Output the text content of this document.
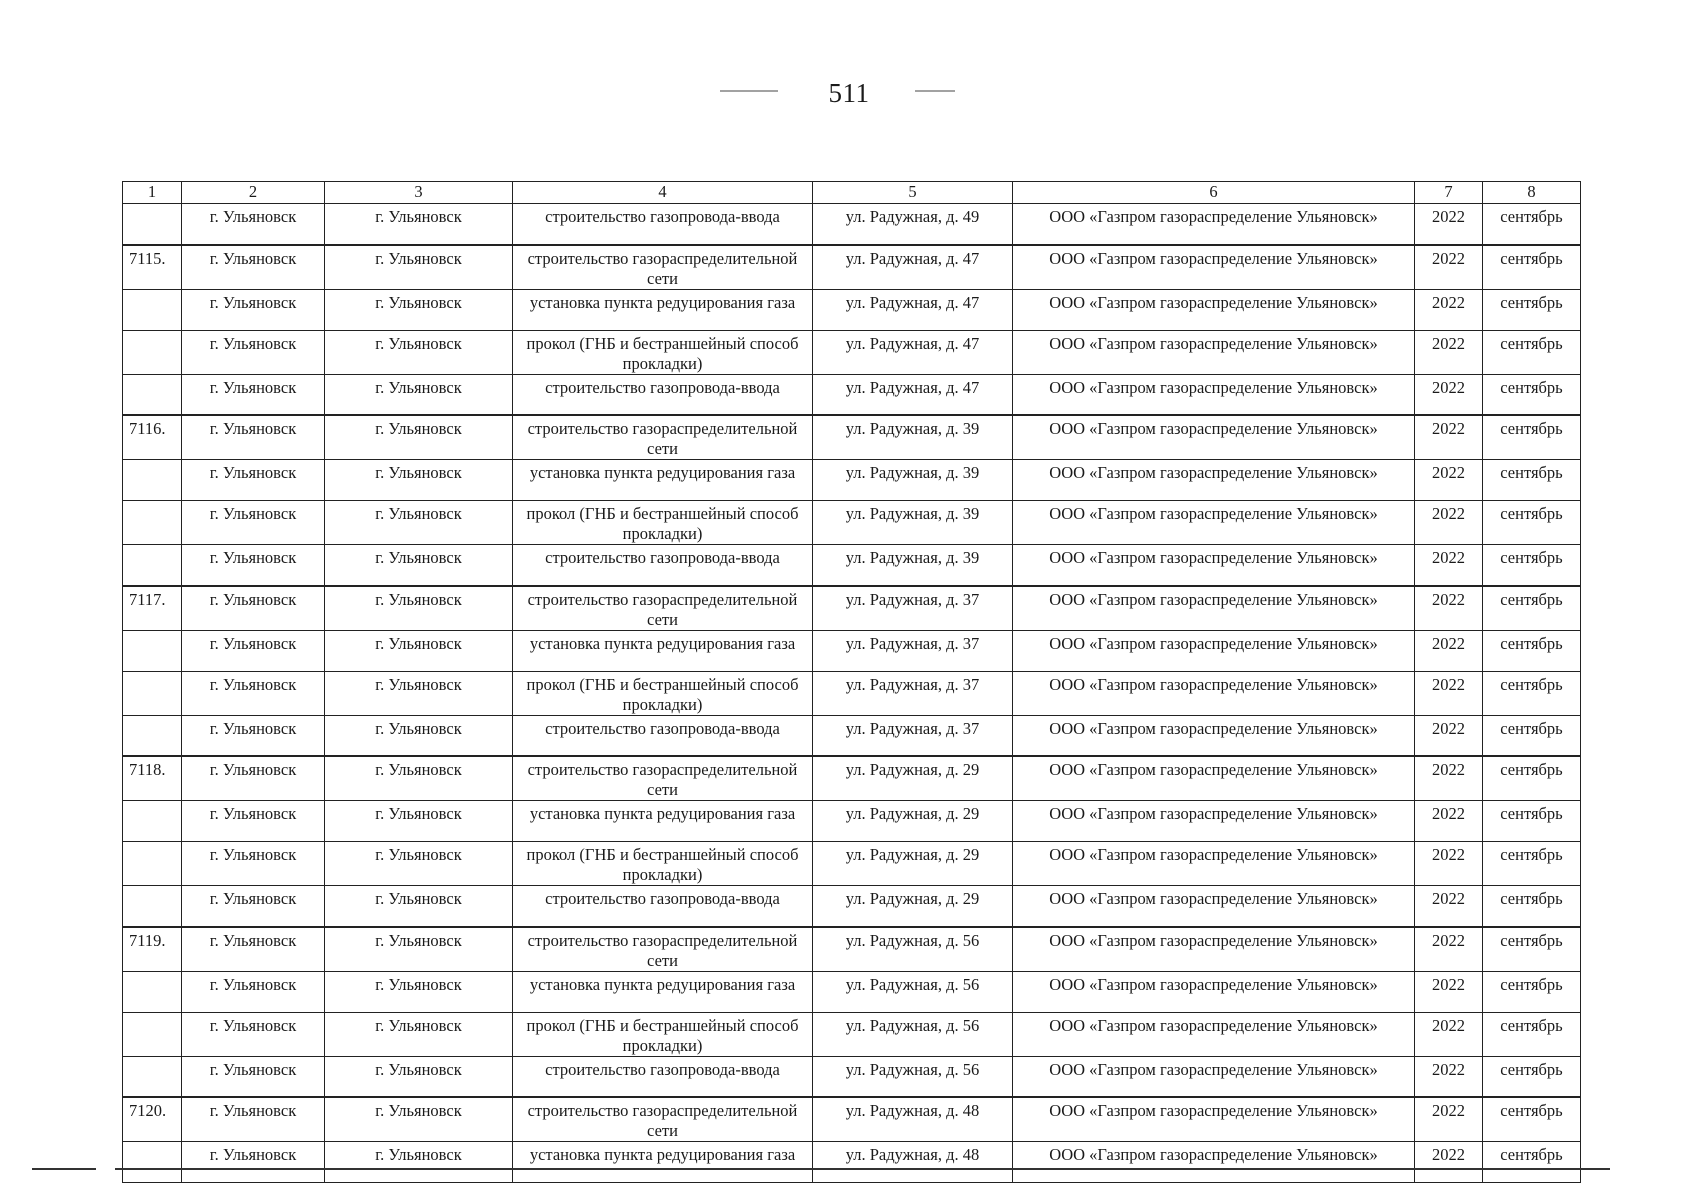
511
1	2	3	4	5	6	7	8
	г. Ульяновск	г. Ульяновск	строительство газопровода-ввода	ул. Радужная, д. 49	ООО «Газпром газораспределение Ульяновск»	2022	сентябрь
7115.	г. Ульяновск	г. Ульяновск	строительство газораспределительной сети	ул. Радужная, д. 47	ООО «Газпром газораспределение Ульяновск»	2022	сентябрь
	г. Ульяновск	г. Ульяновск	установка пункта редуцирования газа	ул. Радужная, д. 47	ООО «Газпром газораспределение Ульяновск»	2022	сентябрь
	г. Ульяновск	г. Ульяновск	прокол (ГНБ и бестраншейный способ прокладки)	ул. Радужная, д. 47	ООО «Газпром газораспределение Ульяновск»	2022	сентябрь
	г. Ульяновск	г. Ульяновск	строительство газопровода-ввода	ул. Радужная, д. 47	ООО «Газпром газораспределение Ульяновск»	2022	сентябрь
7116.	г. Ульяновск	г. Ульяновск	строительство газораспределительной сети	ул. Радужная, д. 39	ООО «Газпром газораспределение Ульяновск»	2022	сентябрь
	г. Ульяновск	г. Ульяновск	установка пункта редуцирования газа	ул. Радужная, д. 39	ООО «Газпром газораспределение Ульяновск»	2022	сентябрь
	г. Ульяновск	г. Ульяновск	прокол (ГНБ и бестраншейный способ прокладки)	ул. Радужная, д. 39	ООО «Газпром газораспределение Ульяновск»	2022	сентябрь
	г. Ульяновск	г. Ульяновск	строительство газопровода-ввода	ул. Радужная, д. 39	ООО «Газпром газораспределение Ульяновск»	2022	сентябрь
7117.	г. Ульяновск	г. Ульяновск	строительство газораспределительной сети	ул. Радужная, д. 37	ООО «Газпром газораспределение Ульяновск»	2022	сентябрь
	г. Ульяновск	г. Ульяновск	установка пункта редуцирования газа	ул. Радужная, д. 37	ООО «Газпром газораспределение Ульяновск»	2022	сентябрь
	г. Ульяновск	г. Ульяновск	прокол (ГНБ и бестраншейный способ прокладки)	ул. Радужная, д. 37	ООО «Газпром газораспределение Ульяновск»	2022	сентябрь
	г. Ульяновск	г. Ульяновск	строительство газопровода-ввода	ул. Радужная, д. 37	ООО «Газпром газораспределение Ульяновск»	2022	сентябрь
7118.	г. Ульяновск	г. Ульяновск	строительство газораспределительной сети	ул. Радужная, д. 29	ООО «Газпром газораспределение Ульяновск»	2022	сентябрь
	г. Ульяновск	г. Ульяновск	установка пункта редуцирования газа	ул. Радужная, д. 29	ООО «Газпром газораспределение Ульяновск»	2022	сентябрь
	г. Ульяновск	г. Ульяновск	прокол (ГНБ и бестраншейный способ прокладки)	ул. Радужная, д. 29	ООО «Газпром газораспределение Ульяновск»	2022	сентябрь
	г. Ульяновск	г. Ульяновск	строительство газопровода-ввода	ул. Радужная, д. 29	ООО «Газпром газораспределение Ульяновск»	2022	сентябрь
7119.	г. Ульяновск	г. Ульяновск	строительство газораспределительной сети	ул. Радужная, д. 56	ООО «Газпром газораспределение Ульяновск»	2022	сентябрь
	г. Ульяновск	г. Ульяновск	установка пункта редуцирования газа	ул. Радужная, д. 56	ООО «Газпром газораспределение Ульяновск»	2022	сентябрь
	г. Ульяновск	г. Ульяновск	прокол (ГНБ и бестраншейный способ прокладки)	ул. Радужная, д. 56	ООО «Газпром газораспределение Ульяновск»	2022	сентябрь
	г. Ульяновск	г. Ульяновск	строительство газопровода-ввода	ул. Радужная, д. 56	ООО «Газпром газораспределение Ульяновск»	2022	сентябрь
7120.	г. Ульяновск	г. Ульяновск	строительство газораспределительной сети	ул. Радужная, д. 48	ООО «Газпром газораспределение Ульяновск»	2022	сентябрь
	г. Ульяновск	г. Ульяновск	установка пункта редуцирования газа	ул. Радужная, д. 48	ООО «Газпром газораспределение Ульяновск»	2022	сентябрь
